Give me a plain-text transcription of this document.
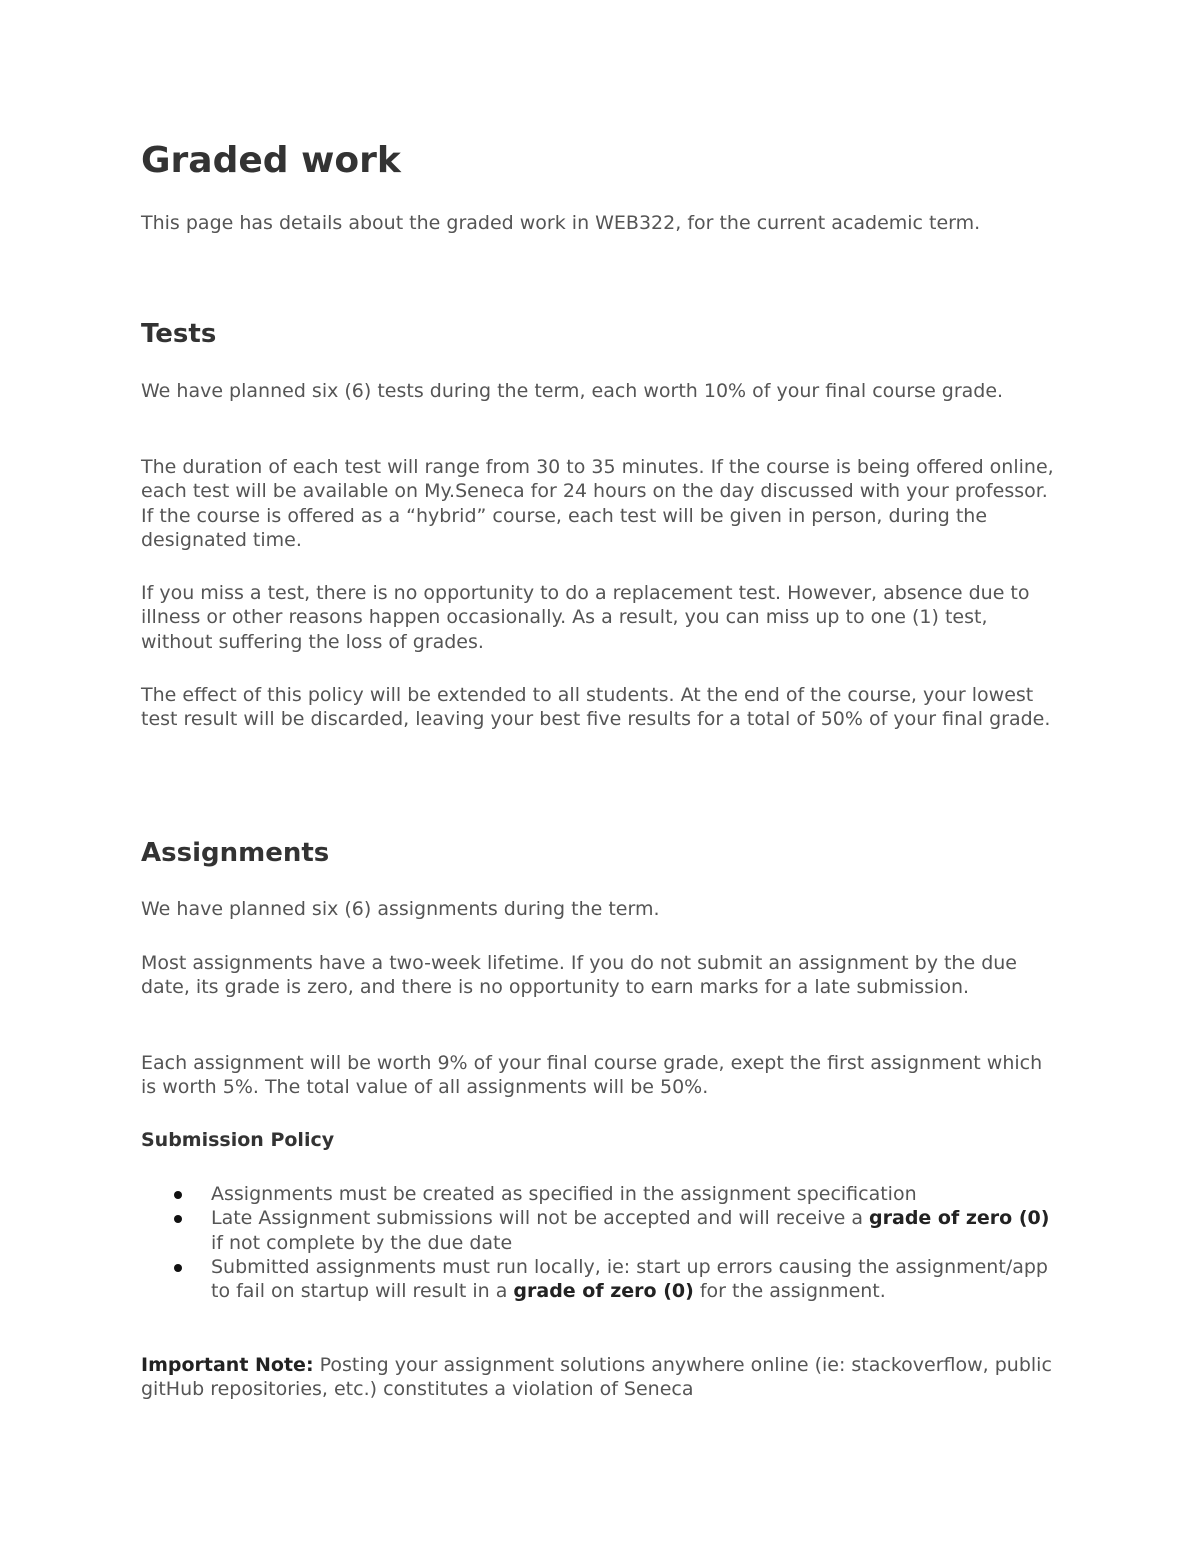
Graded work

This page has details about the graded work in WEB322, for the current academic term.

Tests

We have planned six (6) tests during the term, each worth 10% of your final course grade.

The duration of each test will range from 30 to 35 minutes. If the course is being offered online, each test will be available on My.Seneca for 24 hours on the day discussed with your professor. If the course is offered as a “hybrid” course, each test will be given in person, during the designated time.

If you miss a test, there is no opportunity to do a replacement test. However, absence due to illness or other reasons happen occasionally. As a result, you can miss up to one (1) test, without suffering the loss of grades.

The effect of this policy will be extended to all students. At the end of the course, your lowest test result will be discarded, leaving your best five results for a total of 50% of your final grade.

Assignments

We have planned six (6) assignments during the term.

Most assignments have a two-week lifetime. If you do not submit an assignment by the due date, its grade is zero, and there is no opportunity to earn marks for a late submission.

Each assignment will be worth 9% of your final course grade, exept the first assignment which is worth 5%. The total value of all assignments will be 50%.

Submission Policy
Assignments must be created as specified in the assignment specification
Late Assignment submissions will not be accepted and will receive a grade of zero (0) if not complete by the due date
Submitted assignments must run locally, ie: start up errors causing the assignment/app to fail on startup will result in a grade of zero (0) for the assignment.

Important Note: Posting your assignment solutions anywhere online (ie: stackoverflow, public gitHub repositories, etc.) constitutes a violation of Seneca
